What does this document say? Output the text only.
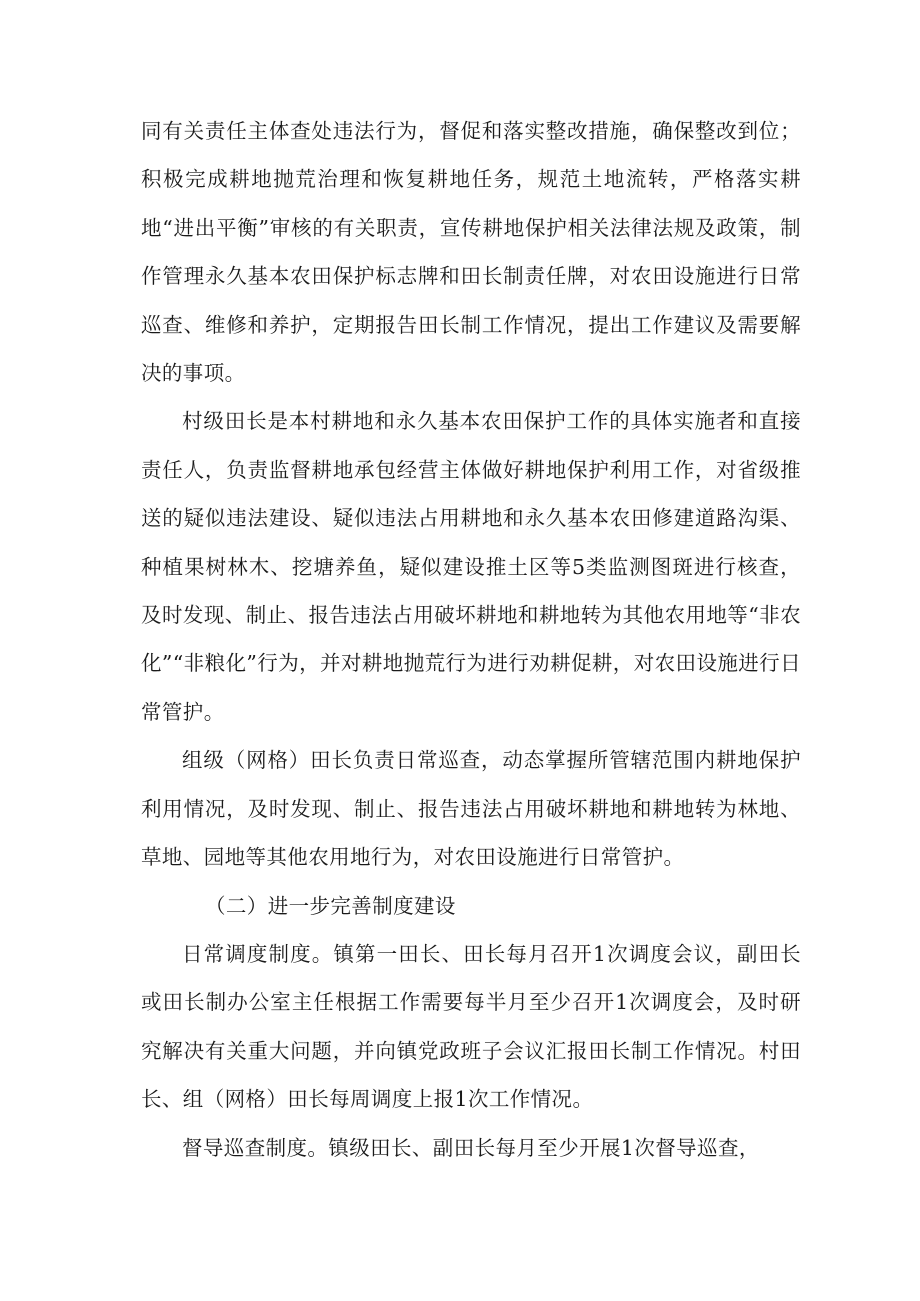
同有关责任主体查处违法行为，督促和落实整改措施，确保整改到位；积极完成耕地抛荒治理和恢复耕地任务，规范土地流转，严格落实耕地“进出平衡”审核的有关职责，宣传耕地保护相关法律法规及政策，制作管理永久基本农田保护标志牌和田长制责任牌，对农田设施进行日常巡查、维修和养护，定期报告田长制工作情况，提出工作建议及需要解决的事项。

村级田长是本村耕地和永久基本农田保护工作的具体实施者和直接责任人，负责监督耕地承包经营主体做好耕地保护利用工作，对省级推送的疑似违法建设、疑似违法占用耕地和永久基本农田修建道路沟渠、种植果树林木、挖塘养鱼，疑似建设推土区等5类监测图斑进行核查，及时发现、制止、报告违法占用破坏耕地和耕地转为其他农用地等“非农化”“非粮化”行为，并对耕地抛荒行为进行劝耕促耕，对农田设施进行日常管护。

组级（网格）田长负责日常巡查，动态掌握所管辖范围内耕地保护利用情况，及时发现、制止、报告违法占用破坏耕地和耕地转为林地、草地、园地等其他农用地行为，对农田设施进行日常管护。

（二）进一步完善制度建设

日常调度制度。镇第一田长、田长每月召开1次调度会议，副田长或田长制办公室主任根据工作需要每半月至少召开1次调度会，及时研究解决有关重大问题，并向镇党政班子会议汇报田长制工作情况。村田长、组（网格）田长每周调度上报1次工作情况。

督导巡查制度。镇级田长、副田长每月至少开展1次督导巡查，
